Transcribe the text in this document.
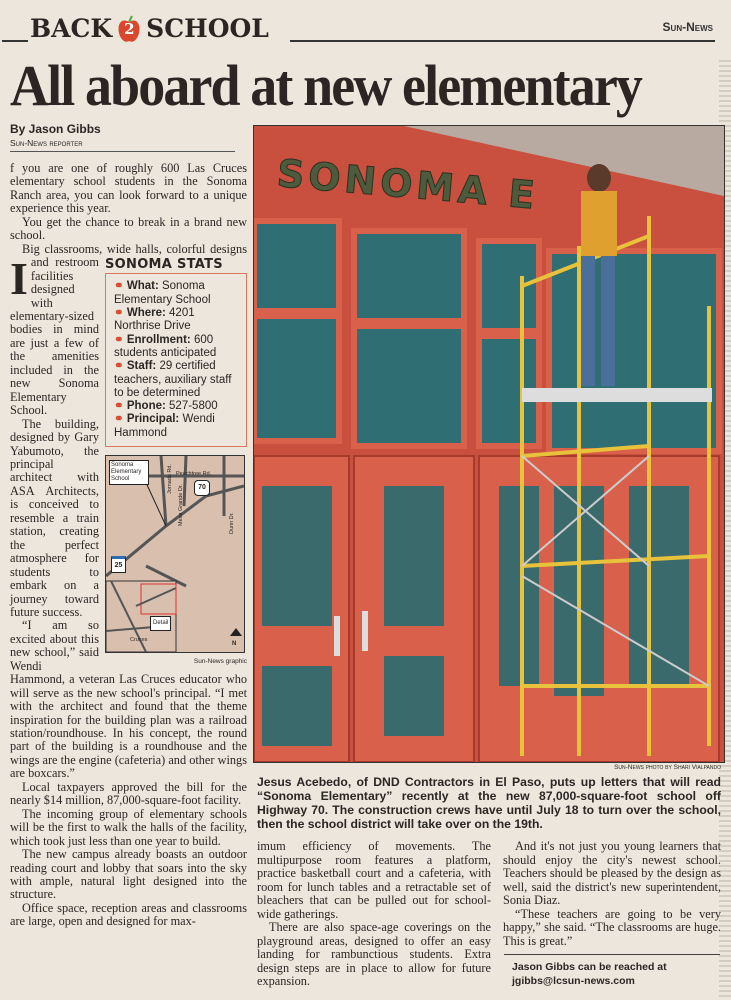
BACK 2 SCHOOL	Sun-News
All aboard at new elementary
By Jason Gibbs
Sun-News reporter
SONOMA STATS
⚭ What: Sonoma Elementary School
⚭ Where: 4201 Northrise Drive
⚭ Enrollment: 600 students anticipated
⚭ Staff: 29 certified teachers, auxiliary staff to be determined
⚭ Phone: 527-5800
⚭ Principal: Wendi Hammond
Sonoma Elementary School
Peachtree Rd.
Jornada Rd.
Mesa Grande Dr.	Dunn Dr.
70
25
Detail
Cruces
N
Sun-News graphic
I

f you are one of roughly 600 Las Cruces elementary school students in the Sonoma Ranch area, you can look forward to a unique experience this year.

You get the chance to break in a brand new school.

Big classrooms, wide halls, colorful designs and restroom facilities designed with elementary-sized bodies in mind are just a few of the amenities included in the new Sonoma Elementary School.

The building, designed by Gary Yabumoto, the principal architect with ASA Architects, is conceived to resemble a train station, creating the perfect atmosphere for students to embark on a journey toward future success.

“I am so excited about this new school,” said Wendi Hammond, a veteran Las Cruces educator who will serve as the new school's principal. “I met with the architect and found that the theme inspiration for the building plan was a railroad station/roundhouse. In his concept, the round part of the building is a roundhouse and the wings are the engine (cafeteria) and other wings are boxcars.”

Local taxpayers approved the bill for the nearly $14 million, 87,000-square-foot facility.

The incoming group of elementary schools will be the first to walk the halls of the facility, which took just less than one year to build.

The new campus already boasts an outdoor reading court and lobby that soars into the sky with ample, natural light designed into the structure.

Office space, reception areas and classrooms are large, open and designed for max-

SONOMA E
Sun-News photo by Shari Vialpando
Jesus Acebedo, of DND Contractors in El Paso, puts up letters that will read “Sonoma Elementary” recently at the new 87,000-square-foot school off Highway 70. The construction crews have until July 18 to turn over the school, then the school district will take over on the 19th.

imum efficiency of movements. The multipurpose room features a platform, practice basketball court and a cafeteria, with room for lunch tables and a retractable set of bleachers that can be pulled out for school-wide gatherings.

There are also space-age coverings on the playground areas, designed to offer an easy landing for rambunctious students. Extra design steps are in place to allow for future expansion.

And it's not just you young learners that should enjoy the city's newest school. Teachers should be pleased by the design as well, said the district's new superintendent, Sonia Diaz.

“These teachers are going to be very happy,” she said. “The classrooms are huge. This is great.”

Jason Gibbs can be reached at jgibbs@lcsun-news.com
